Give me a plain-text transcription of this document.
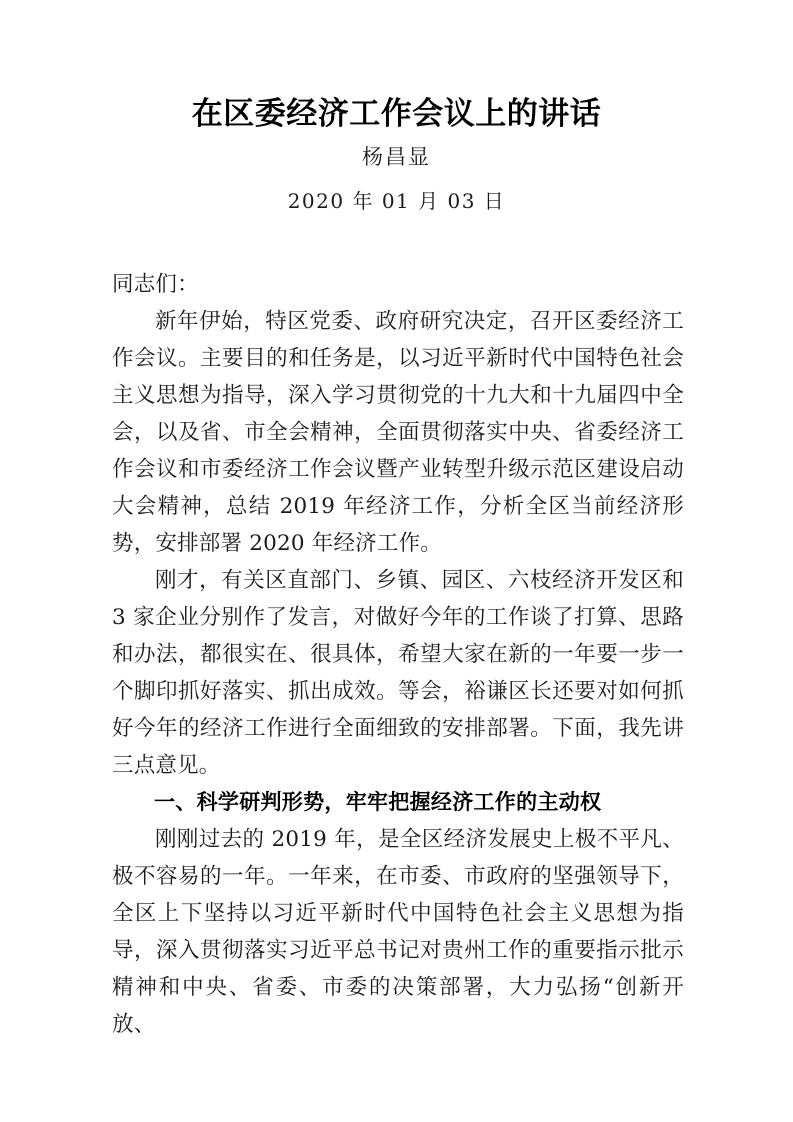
在区委经济工作会议上的讲话
杨昌显
2020 年 01 月 03 日

同志们：

新年伊始，特区党委、政府研究决定，召开区委经济工作会议。主要目的和任务是，以习近平新时代中国特色社会主义思想为指导，深入学习贯彻党的十九大和十九届四中全会，以及省、市全会精神，全面贯彻落实中央、省委经济工作会议和市委经济工作会议暨产业转型升级示范区建设启动大会精神，总结 2019 年经济工作，分析全区当前经济形势，安排部署 2020 年经济工作。

刚才，有关区直部门、乡镇、园区、六枝经济开发区和 3 家企业分别作了发言，对做好今年的工作谈了打算、思路和办法，都很实在、很具体，希望大家在新的一年要一步一个脚印抓好落实、抓出成效。等会，裕谦区长还要对如何抓好今年的经济工作进行全面细致的安排部署。下面，我先讲三点意见。

一、科学研判形势，牢牢把握经济工作的主动权

刚刚过去的 2019 年，是全区经济发展史上极不平凡、极不容易的一年。一年来，在市委、市政府的坚强领导下，全区上下坚持以习近平新时代中国特色社会主义思想为指导，深入贯彻落实习近平总书记对贵州工作的重要指示批示精神和中央、省委、市委的决策部署，大力弘扬“创新开放、
